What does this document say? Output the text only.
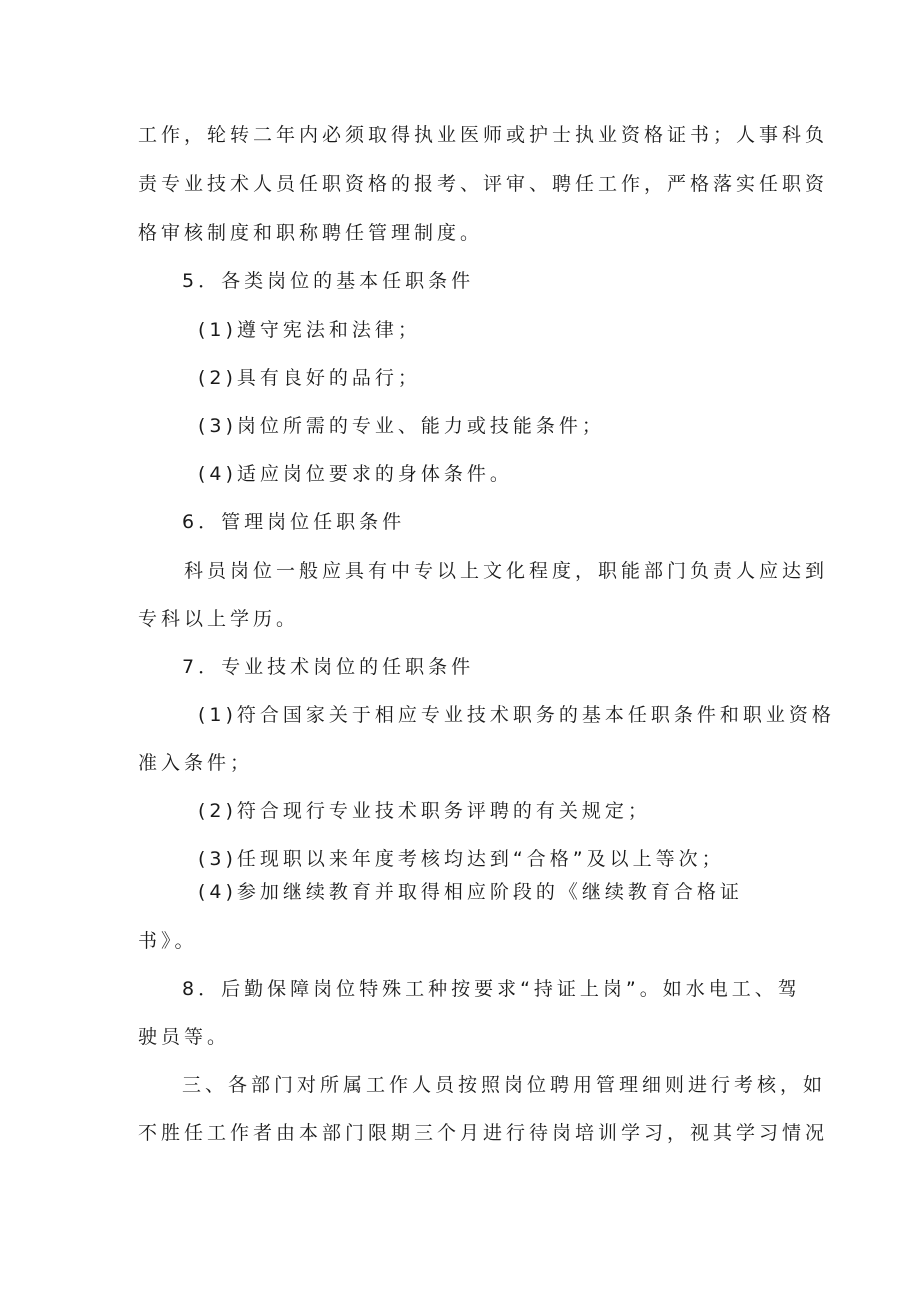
工作，轮转二年内必须取得执业医师或护士执业资格证书；人事科负
责专业技术人员任职资格的报考、评审、聘任工作，严格落实任职资
格审核制度和职称聘任管理制度。
5．各类岗位的基本任职条件
(1)遵守宪法和法律；
(2)具有良好的品行；
(3)岗位所需的专业、能力或技能条件；
(4)适应岗位要求的身体条件。
6．管理岗位任职条件
科员岗位一般应具有中专以上文化程度，职能部门负责人应达到
专科以上学历。
7．专业技术岗位的任职条件
(1)符合国家关于相应专业技术职务的基本任职条件和职业资格
准入条件；
(2)符合现行专业技术职务评聘的有关规定；
(3)任现职以来年度考核均达到“合格”及以上等次；
(4)参加继续教育并取得相应阶段的《继续教育合格证
书》。
8．后勤保障岗位特殊工种按要求“持证上岗”。如水电工、驾
驶员等。
三、各部门对所属工作人员按照岗位聘用管理细则进行考核，如
不胜任工作者由本部门限期三个月进行待岗培训学习，视其学习情况
